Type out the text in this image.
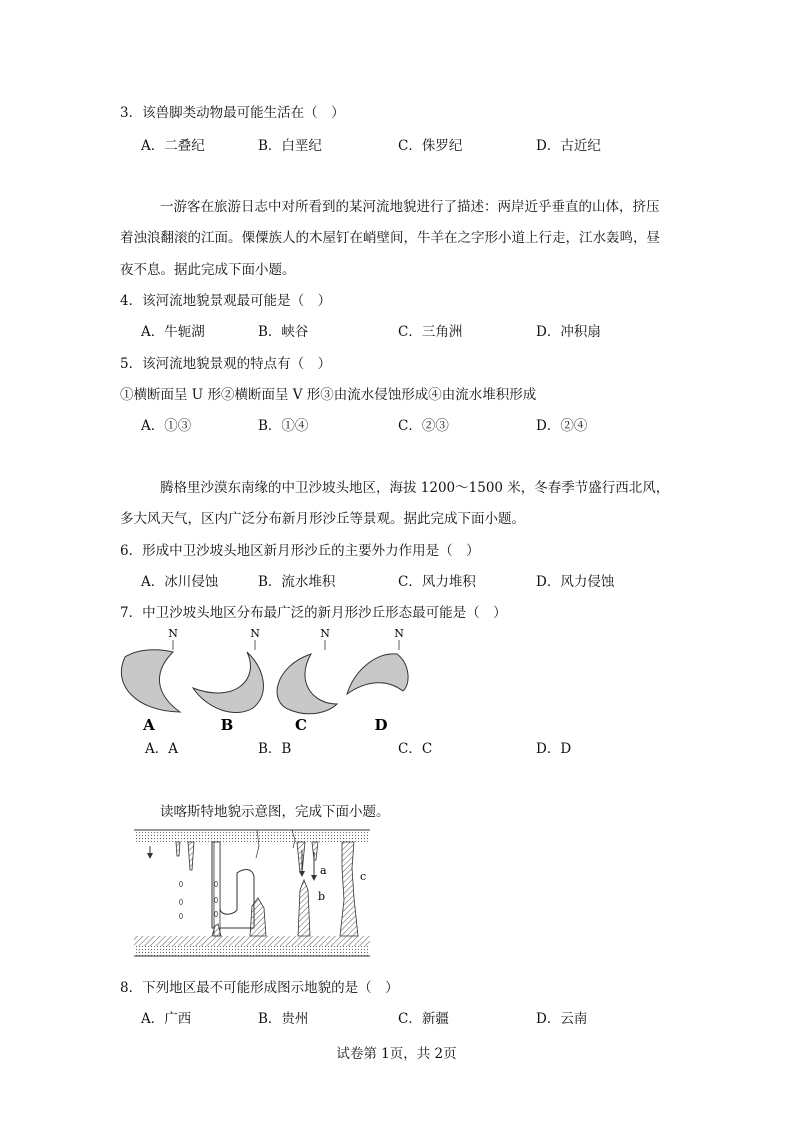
3．该兽脚类动物最可能生活在（　）
A．二叠纪	B．白垩纪	C．侏罗纪	D．古近纪
一游客在旅游日志中对所看到的某河流地貌进行了描述：两岸近乎垂直的山体，挤压
着浊浪翻滚的江面。傈僳族人的木屋钉在峭壁间，牛羊在之字形小道上行走，江水轰鸣，昼
夜不息。据此完成下面小题。
4．该河流地貌景观最可能是（　）
A．牛轭湖	B．峡谷	C．三角洲	D．冲积扇
5．该河流地貌景观的特点有（　）
①横断面呈 U 形②横断面呈 V 形③由流水侵蚀形成④由流水堆积形成
A．①③	B．①④	C．②③	D．②④
腾格里沙漠东南缘的中卫沙坡头地区，海拔 1200～1500 米，冬春季节盛行西北风，
多大风天气，区内广泛分布新月形沙丘等景观。据此完成下面小题。
6．形成中卫沙坡头地区新月形沙丘的主要外力作用是（　）
A．冰川侵蚀	B．流水堆积	C．风力堆积	D．风力侵蚀
7．中卫沙坡头地区分布最广泛的新月形沙丘形态最可能是（　）
N
A
N
B
N
C
N
D
A．A	B．B	C．C	D．D
读喀斯特地貌示意图，完成下面小题。
a
b
c
8．下列地区最不可能形成图示地貌的是（　）
A．广西	B．贵州	C．新疆	D．云南
试卷第 1页，共 2页
